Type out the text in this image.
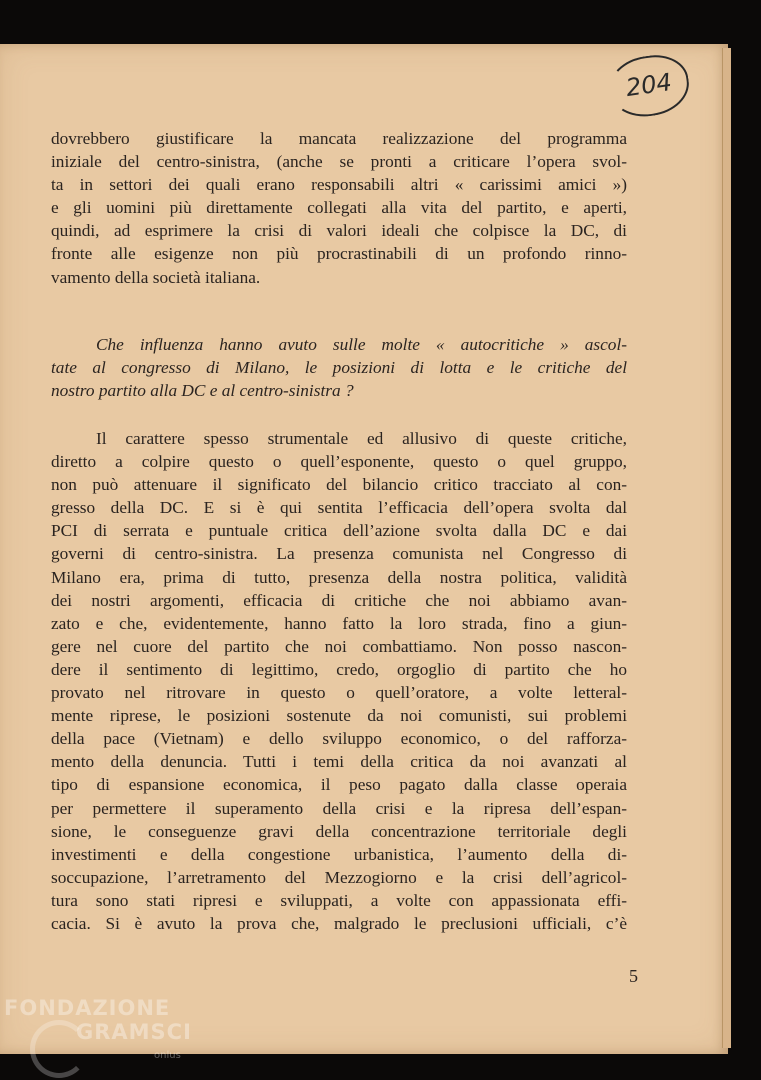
204
dovrebbero giustificare la mancata realizzazione del programma
iniziale del centro-sinistra, (anche se pronti a criticare l’opera svol-
ta in settori dei quali erano responsabili altri « carissimi amici »)
e gli uomini più direttamente collegati alla vita del partito, e aperti,
quindi, ad esprimere la crisi di valori ideali che colpisce la DC, di
fronte alle esigenze non più procrastinabili di un profondo rinno-
vamento della società italiana.
Che influenza hanno avuto sulle molte « autocritiche » ascol-
tate al congresso di Milano, le posizioni di lotta e le critiche del
nostro partito alla DC e al centro-sinistra ?
Il carattere spesso strumentale ed allusivo di queste critiche,
diretto a colpire questo o quell’esponente, questo o quel gruppo,
non può attenuare il significato del bilancio critico tracciato al con-
gresso della DC. E si è qui sentita l’efficacia dell’opera svolta dal
PCI di serrata e puntuale critica dell’azione svolta dalla DC e dai
governi di centro-sinistra. La presenza comunista nel Congresso di
Milano era, prima di tutto, presenza della nostra politica, validità
dei nostri argomenti, efficacia di critiche che noi abbiamo avan-
zato e che, evidentemente, hanno fatto la loro strada, fino a giun-
gere nel cuore del partito che noi combattiamo. Non posso nascon-
dere il sentimento di legittimo, credo, orgoglio di partito che ho
provato nel ritrovare in questo o quell’oratore, a volte letteral-
mente riprese, le posizioni sostenute da noi comunisti, sui problemi
della pace (Vietnam) e dello sviluppo economico, o del rafforza-
mento della denuncia. Tutti i temi della critica da noi avanzati al
tipo di espansione economica, il peso pagato dalla classe operaia
per permettere il superamento della crisi e la ripresa dell’espan-
sione, le conseguenze gravi della concentrazione territoriale degli
investimenti e della congestione urbanistica, l’aumento della di-
soccupazione, l’arretramento del Mezzogiorno e la crisi dell’agricol-
tura sono stati ripresi e sviluppati, a volte con appassionata effi-
cacia. Si è avuto la prova che, malgrado le preclusioni ufficiali, c’è
5
FONDAZIONE
GRAMSCI
onlus
